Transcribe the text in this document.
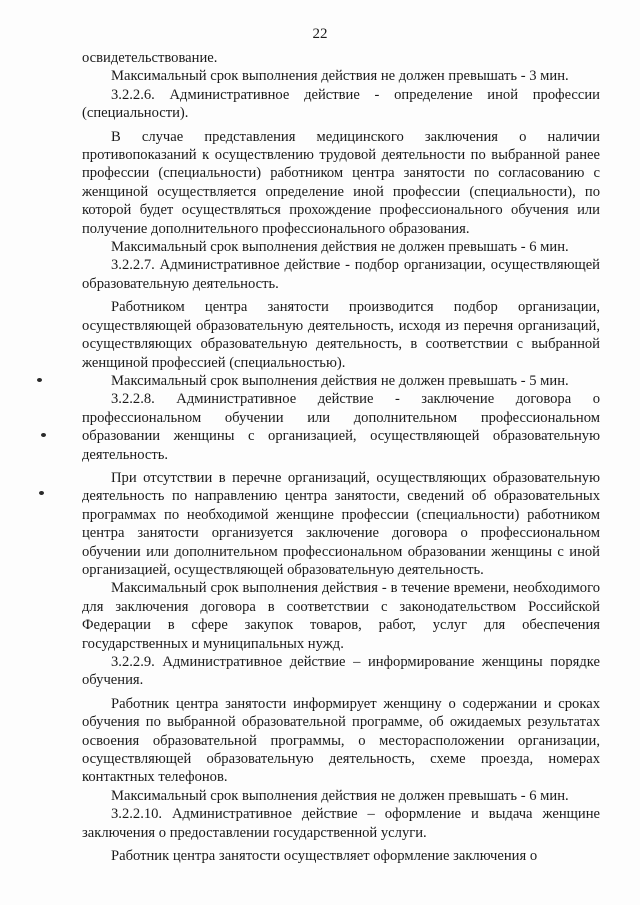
22

освидетельствование.

Максимальный срок выполнения действия не должен превышать - 3 мин.

3.2.2.6. Административное действие - определение иной профессии (специальности).

В случае представления медицинского заключения о наличии противопоказаний к осуществлению трудовой деятельности по выбранной ранее профессии (специальности) работником центра занятости по согласованию с женщиной осуществляется определение иной профессии (специальности), по которой будет осуществляться прохождение профессионального обучения или получение дополнительного профессионального образования.

Максимальный срок выполнения действия не должен превышать - 6 мин.

3.2.2.7. Административное действие - подбор организации, осуществляющей образовательную деятельность.

Работником центра занятости производится подбор организации, осуществляющей образовательную деятельность, исходя из перечня организаций, осуществляющих образовательную деятельность, в соответствии с выбранной женщиной профессией (специальностью).

Максимальный срок выполнения действия не должен превышать - 5 мин.

3.2.2.8. Административное действие - заключение договора о профессиональном обучении или дополнительном профессиональном образовании женщины с организацией, осуществляющей образовательную деятельность.

При отсутствии в перечне организаций, осуществляющих образовательную деятельность по направлению центра занятости, сведений об образовательных программах по необходимой женщине профессии (специальности) работником центра занятости организуется заключение договора о профессиональном обучении или дополнительном профессиональном образовании женщины с иной организацией, осуществляющей образовательную деятельность.

Максимальный срок выполнения действия - в течение времени, необходимого для заключения договора в соответствии с законодательством Российской Федерации в сфере закупок товаров, работ, услуг для обеспечения государственных и муниципальных нужд.

3.2.2.9. Административное действие – информирование женщины порядке обучения.

Работник центра занятости информирует женщину о содержании и сроках обучения по выбранной образовательной программе, об ожидаемых результатах освоения образовательной программы, о месторасположении организации, осуществляющей образовательную деятельность, схеме проезда, номерах контактных телефонов.

Максимальный срок выполнения действия не должен превышать - 6 мин.

3.2.2.10. Административное действие – оформление и выдача женщине заключения о предоставлении государственной услуги.

Работник центра занятости осуществляет оформление заключения о
